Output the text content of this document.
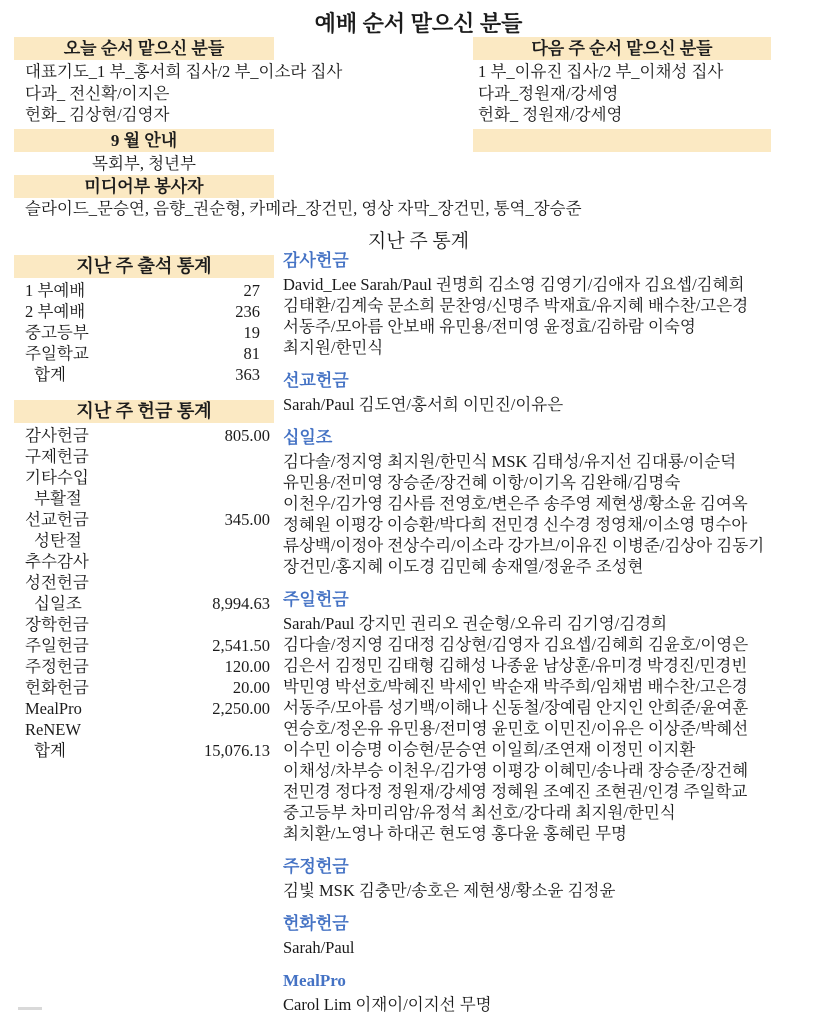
예배 순서 맡으신 분들
오늘 순서 맡으신 분들
대표기도_1 부_홍서희 집사/2 부_이소라 집사
다과_ 전신확/이지은
헌화_ 김상현/김영자
다음 주 순서 맡으신 분들
1 부_이유진 집사/2 부_이채성 집사
다과_정원재/강세영
헌화_ 정원재/강세영
9 월 안내
목회부, 청년부
미디어부 봉사자
슬라이드_문승연, 음향_권순형, 카메라_장건민, 영상 자막_장건민, 통역_장승준
지난 주 통계
지난 주 출석 통계
1 부예배	27
2 부예배	236
중고등부	19
주일학교	81
합계	363
지난 주 헌금 통계
감사헌금	805.00
구제헌금
기타수입
부활절
선교헌금	345.00
성탄절
추수감사
성전헌금
십일조	8,994.63
장학헌금
주일헌금	2,541.50
주정헌금	120.00
헌화헌금	20.00
MealPro	2,250.00
ReNEW
합계	15,076.13
감사헌금
David_Lee Sarah/Paul 권명희 김소영 김영기/김애자 김요셉/김혜희
김태환/김계숙 문소희 문찬영/신명주 박재효/유지혜 배수찬/고은경
서동주/모아름 안보배 유민용/전미영 윤정효/김하람 이숙영
최지원/한민식
선교헌금
Sarah/Paul 김도연/홍서희 이민진/이유은
십일조
김다솔/정지영 최지원/한민식 MSK 김태성/유지선 김대룡/이순덕
유민용/전미영 장승준/장건혜 이항/이기옥 김완해/김명숙
이천우/김가영 김사름 전영호/변은주 송주영 제현생/황소윤 김여옥
정혜원 이평강 이승환/박다희 전민경 신수경 정영채/이소영 명수아
류상백/이정아 전상수리/이소라 강가브/이유진 이병준/김상아 김동기
장건민/홍지혜 이도경 김민혜 송재열/정윤주 조성현
주일헌금
Sarah/Paul 강지민 권리오 권순형/오유리 김기영/김경희
김다솔/정지영 김대정 김상현/김영자 김요셉/김혜희 김윤호/이영은
김은서 김정민 김태형 김해성 나종윤 남상훈/유미경 박경진/민경빈
박민영 박선호/박혜진 박세인 박순재 박주희/임채범 배수찬/고은경
서동주/모아름 성기백/이해나 신동철/장예림 안지인 안희준/윤여훈
연승호/정온유 유민용/전미영 윤민호 이민진/이유은 이상준/박혜선
이수민 이승명 이승현/문승연 이일희/조연재 이정민 이지환
이채성/차부승 이천우/김가영 이평강 이혜민/송나래 장승준/장건혜
전민경 정다정 정원재/강세영 정혜원 조예진 조현권/인경 주일학교
중고등부 차미리암/유정석 최선호/강다래 최지원/한민식
최치환/노영나 하대곤 현도영 홍다윤 홍혜린 무명
주정헌금
김빛 MSK 김충만/송호은 제현생/황소윤 김정윤
헌화헌금
Sarah/Paul
MealPro
Carol Lim 이재이/이지선 무명
